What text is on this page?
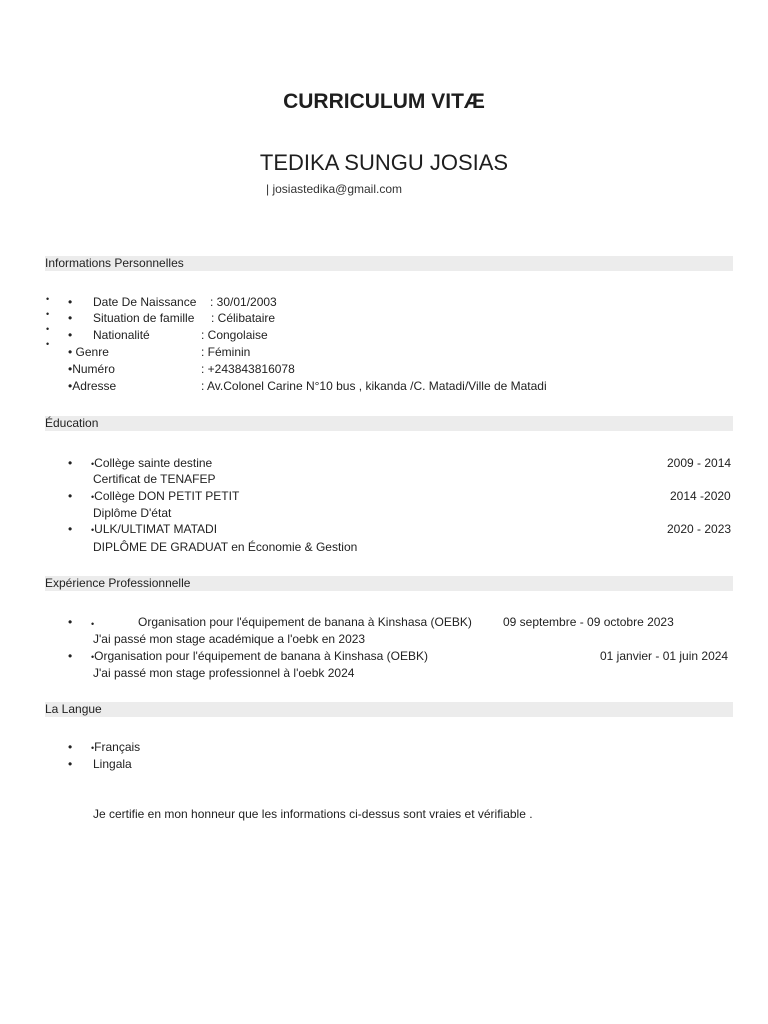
CURRICULUM VITÆ
TEDIKA SUNGU JOSIAS
| josiastedika@gmail.com
Informations Personnelles
•
•
•
•
• Date De Naissance : 30/01/2003
• Situation de famille : Célibataire
• Nationalité	: Congolaise
• Genre	: Féminin
•Numéro	: +243843816078
•Adresse	: Av.Colonel Carine N°10 bus , kikanda /C. Matadi/Ville de Matadi
Éducation
• •Collège sainte destine	2009 - 2014
Certificat de TENAFEP
• •Collège DON PETIT PETIT	2014 -2020
Diplôme D'état
• •ULK/ULTIMAT MATADI	2020 - 2023
DIPLÔME DE GRADUAT en Économie & Gestion
Expérience Professionnelle
• •	Organisation pour l'équipement de banana à Kinshasa (OEBK)	09 septembre - 09 octobre 2023
J'ai passé mon stage académique a l'oebk en 2023
• •Organisation pour l'équipement de banana à Kinshasa (OEBK)	01 janvier - 01 juin 2024
J'ai passé mon stage professionnel à l'oebk 2024
La Langue
• •Français
• Lingala
Je certifie en mon honneur que les informations ci-dessus sont vraies et vérifiable .
